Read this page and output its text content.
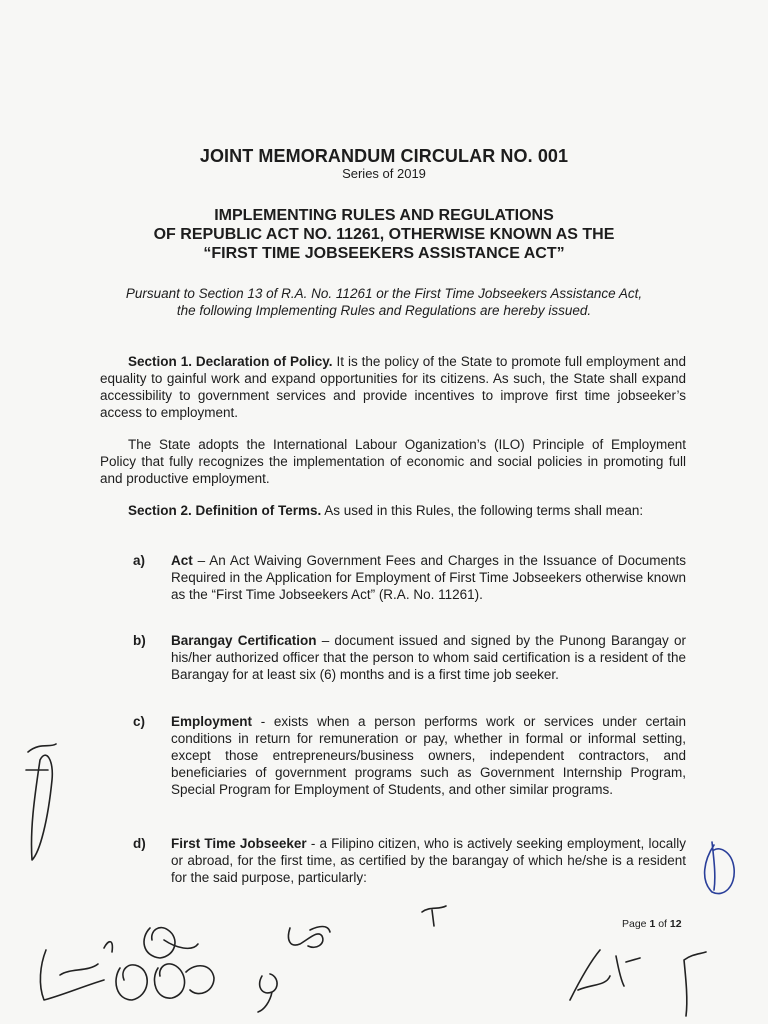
JOINT MEMORANDUM CIRCULAR NO. 001
Series of 2019
IMPLEMENTING RULES AND REGULATIONS
OF REPUBLIC ACT NO. 11261, OTHERWISE KNOWN AS THE
“FIRST TIME JOBSEEKERS ASSISTANCE ACT”
Pursuant to Section 13 of R.A. No. 11261 or the First Time Jobseekers Assistance Act,
the following Implementing Rules and Regulations are hereby issued.
Section 1. Declaration of Policy. It is the policy of the State to promote full employment and equality to gainful work and expand opportunities for its citizens. As such, the State shall expand accessibility to government services and provide incentives to improve first time jobseeker’s access to employment.
The State adopts the International Labour Oganization’s (ILO) Principle of Employment Policy that fully recognizes the implementation of economic and social policies in promoting full and productive employment.
Section 2. Definition of Terms. As used in this Rules, the following terms shall mean:
a) Act – An Act Waiving Government Fees and Charges in the Issuance of Documents Required in the Application for Employment of First Time Jobseekers otherwise known as the “First Time Jobseekers Act” (R.A. No. 11261).
b) Barangay Certification – document issued and signed by the Punong Barangay or his/her authorized officer that the person to whom said certification is a resident of the Barangay for at least six (6) months and is a first time job seeker.
c) Employment - exists when a person performs work or services under certain conditions in return for remuneration or pay, whether in formal or informal setting, except those entrepreneurs/business owners, independent contractors, and beneficiaries of government programs such as Government Internship Program, Special Program for Employment of Students, and other similar programs.
d) First Time Jobseeker - a Filipino citizen, who is actively seeking employment, locally or abroad, for the first time, as certified by the barangay of which he/she is a resident for the said purpose, particularly:
Page 1 of 12
